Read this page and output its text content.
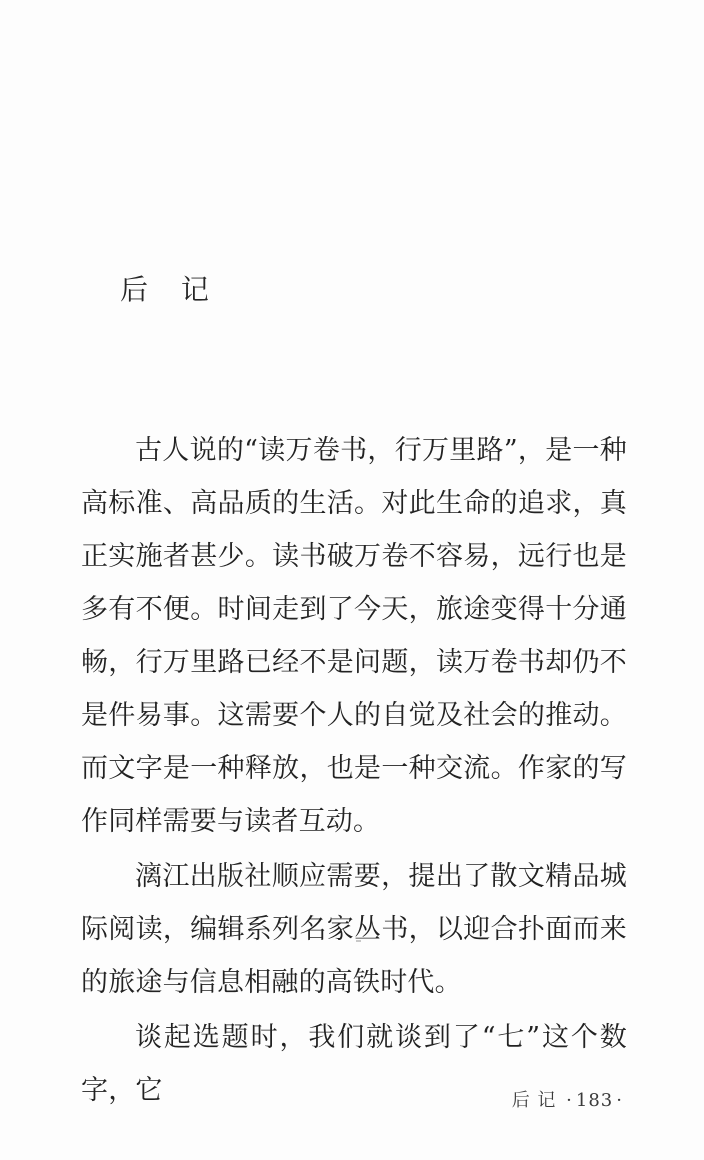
后 记

古人说的“读万卷书，行万里路”，是一种高标准、高品质的生活。对此生命的追求，真正实施者甚少。读书破万卷不容易，远行也是多有不便。时间走到了今天，旅途变得十分通畅，行万里路已经不是问题，读万卷书却仍不是件易事。这需要个人的自觉及社会的推动。而文字是一种释放，也是一种交流。作家的写作同样需要与读者互动。

漓江出版社顺应需要，提出了散文精品城际阅读，编辑系列名家丛书，以迎合扑面而来的旅途与信息相融的高铁时代。

谈起选题时，我们就谈到了“七”这个数字，它	后 记 · 183 ·
